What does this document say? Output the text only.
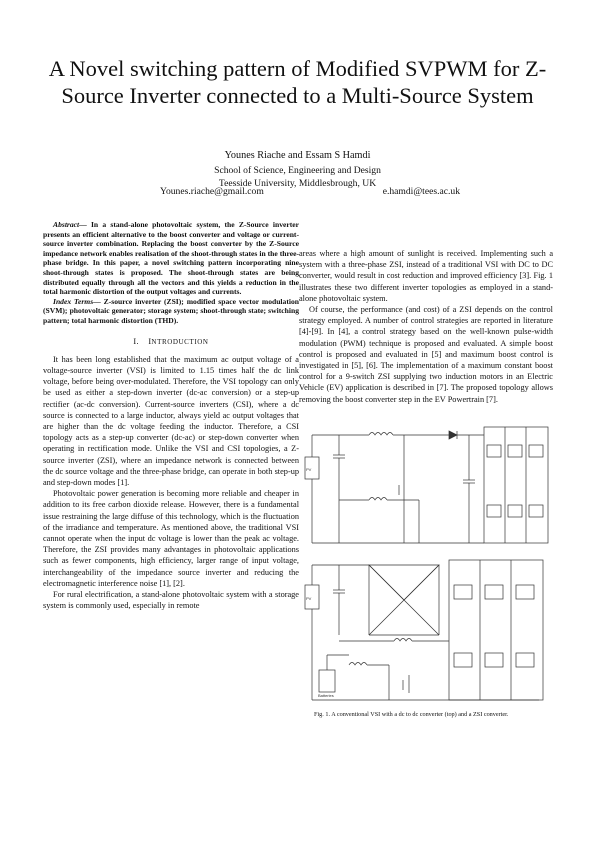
A Novel switching pattern of Modified SVPWM for Z-Source Inverter connected to a Multi-Source System
Younes Riache and Essam S Hamdi
School of Science, Engineering and Design
Teesside University, Middlesbrough, UK
Younes.riache@gmail.com	e.hamdi@tees.ac.uk

Abstract— In a stand-alone photovoltaic system, the Z-Source inverter presents an efficient alternative to the boost converter and voltage or current-source inverter combination. Replacing the boost converter by the Z-Source impedance network enables realisation of the shoot-through states in the three-phase bridge. In this paper, a novel switching pattern incorporating nine shoot-through states is proposed. The shoot-through states are being distributed equally through all the vectors and this yields a reduction in the total harmonic distortion of the output voltages and currents.

Index Terms— Z-source inverter (ZSI); modified space vector modulation (SVM); photovoltaic generator; storage system; shoot-through state; switching pattern; total harmonic distortion (THD).

I. INTRODUCTION

It has been long established that the maximum ac output voltage of a voltage-source inverter (VSI) is limited to 1.15 times half the dc link voltage, before being over-modulated. Therefore, the VSI topology can only be used as either a step-down inverter (dc-ac conversion) or a step-up rectifier (ac-dc conversion). Current-source inverters (CSI), where a dc source is connected to a large inductor, always yield ac output voltages that are higher than the dc voltage feeding the inductor. Therefore, a CSI topology acts as a step-up converter (dc-ac) or step-down converter when operating in rectification mode. Unlike the VSI and CSI topologies, a Z-source inverter (ZSI), where an impedance network is connected between the dc source voltage and the three-phase bridge, can operate in both step-up and step-down modes [1].

Photovoltaic power generation is becoming more reliable and cheaper in addition to its free carbon dioxide release. However, there is a fundamental issue restraining the large diffuse of this technology, which is the fluctuation of the irradiance and temperature. As mentioned above, the traditional VSI cannot operate when the input dc voltage is lower than the peak ac voltage. Therefore, the ZSI provides many advantages in photovoltaic applications such as fewer components, high efficiency, larger range of input voltage, interchangeability of the impedance source inverter and reducing the electromagnetic interference noise [1], [2].

For rural electrification, a stand-alone photovoltaic system with a storage system is commonly used, especially in remote

areas where a high amount of sunlight is received. Implementing such a system with a three-phase ZSI, instead of a traditional VSI with DC to DC converter, would result in cost reduction and improved efficiency [3]. Fig. 1 illustrates these two different inverter topologies as employed in a stand-alone photovoltaic system.

Of course, the performance (and cost) of a ZSI depends on the control strategy employed. A number of control strategies are reported in literature [4]-[9]. In [4], a control strategy based on the well-known pulse-width modulation (PWM) technique is proposed and evaluated. A simple boost control is proposed and evaluated in [5] and maximum boost control is investigated in [5], [6]. The implementation of a maximum constant boost control for a 9-switch ZSI supplying two induction motors in an Electric Vehicle (EV) application is described in [7]. The proposed topology allows removing the boost converter step in the EV Powertrain [7].

PV
PV
Batteries
Fig. 1. A conventional VSI with a dc to dc converter (top) and a ZSI converter.
